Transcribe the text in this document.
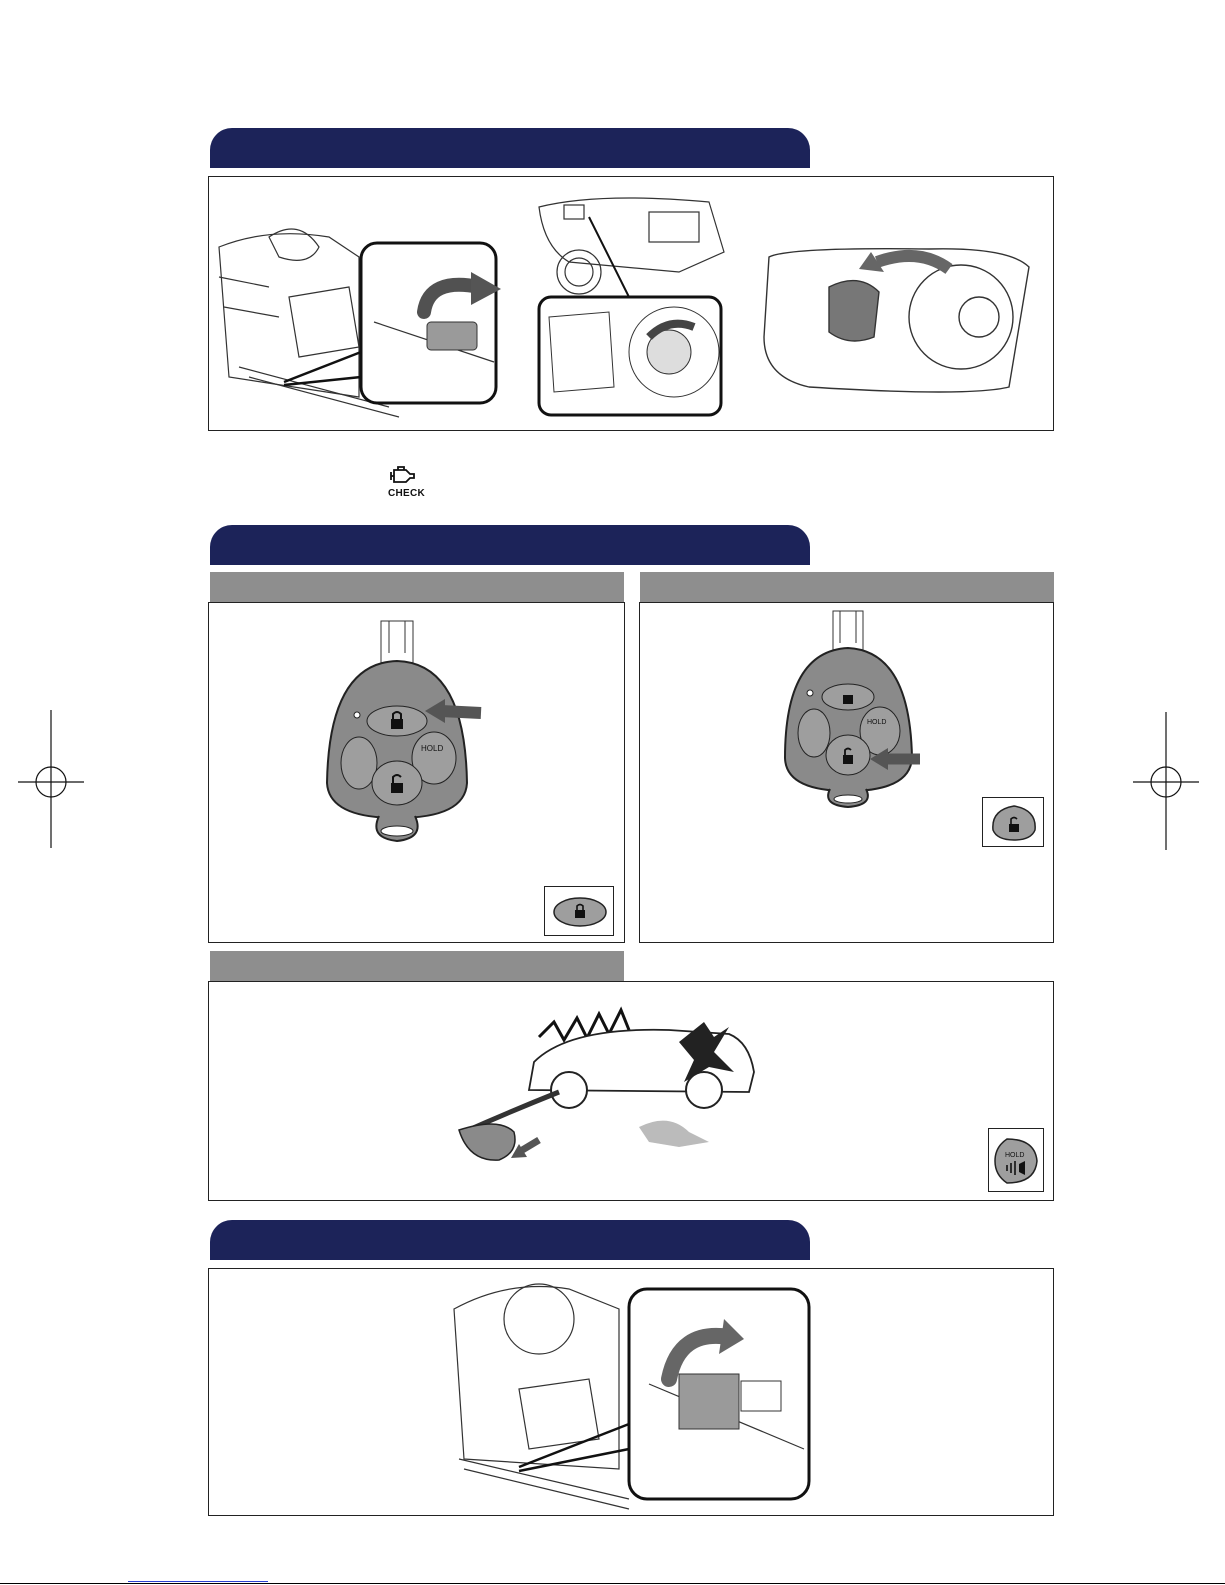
CHECK
HOLD
HOLD
HOLD
